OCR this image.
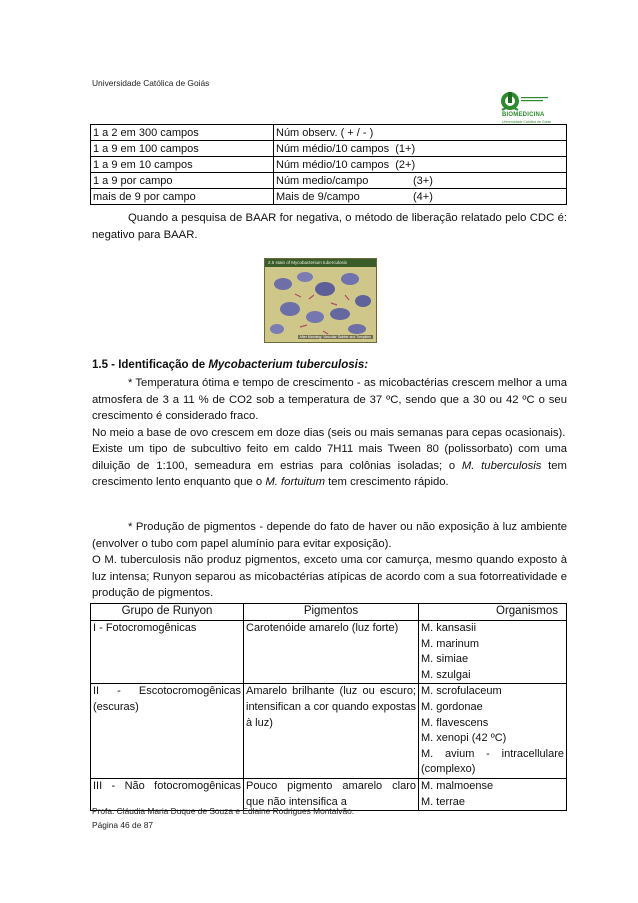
Universidade Católica de Goiás
BIOMEDICINA
Universidade Católica de Goiás
1 a 2 em 300 campos	Núm observ. ( + / - )
1 a 9 em 100 campos	Núm médio/10 campos (1+)
1 a 9 em 10 campos	Núm médio/10 campos (2+)
1 a 9 por campo	Núm medio/campo (3+)
mais de 9 por campo	Mais de 9/campo (4+)
Quando a pesquisa de BAAR for negativa, o método de liberação relatado pelo CDC é: negativo para BAAR.
2.5 stain of Mycobacterium tuberculosis
After Manning: Vascular Sabine and Tompkins
1.5 - Identificação de Mycobacterium tuberculosis:
* Temperatura ótima e tempo de crescimento - as micobactérias crescem melhor a uma atmosfera de 3 a 11 % de CO2 sob a temperatura de 37 ºC, sendo que a 30 ou 42 ºC o seu crescimento é considerado fraco.
No meio a base de ovo crescem em doze dias (seis ou mais semanas para cepas ocasionais).
Existe um tipo de subcultivo feito em caldo 7H11 mais Tween 80 (polissorbato) com uma diluição de 1:100, semeadura em estrias para colônias isoladas; o M. tuberculosis tem crescimento lento enquanto que o M. fortuitum tem crescimento rápido.
* Produção de pigmentos - depende do fato de haver ou não exposição à luz ambiente (envolver o tubo com papel alumínio para evitar exposição).
O M. tuberculosis não produz pigmentos, exceto uma cor camurça, mesmo quando exposto à luz intensa; Runyon separou as micobactérias atípicas de acordo com a sua fotorreatividade e produção de pigmentos.
Grupo de Runyon	Pigmentos	Organismos
I - Fotocromogênicas	Carotenóide amarelo (luz forte)	M. kansasii
M. marinum
M. simiae
M. szulgai

II - Escotocromogênicas (escuras)	Amarelo brilhante (luz ou escuro; intensifican a cor quando expostas à luz)	M. scrofulaceum
M. gordonae
M. flavescens
M. xenopi (42 ºC)
M. avium - intracellulare (complexo)

III - Não fotocromogênicas	Pouco pigmento amarelo claro que não intensifica a	M. malmoense
M. terrae
Profa. Cláudia Maria Duque de Souza e Edlaine Rodrigues Montalvão.
Página 46 de 87
